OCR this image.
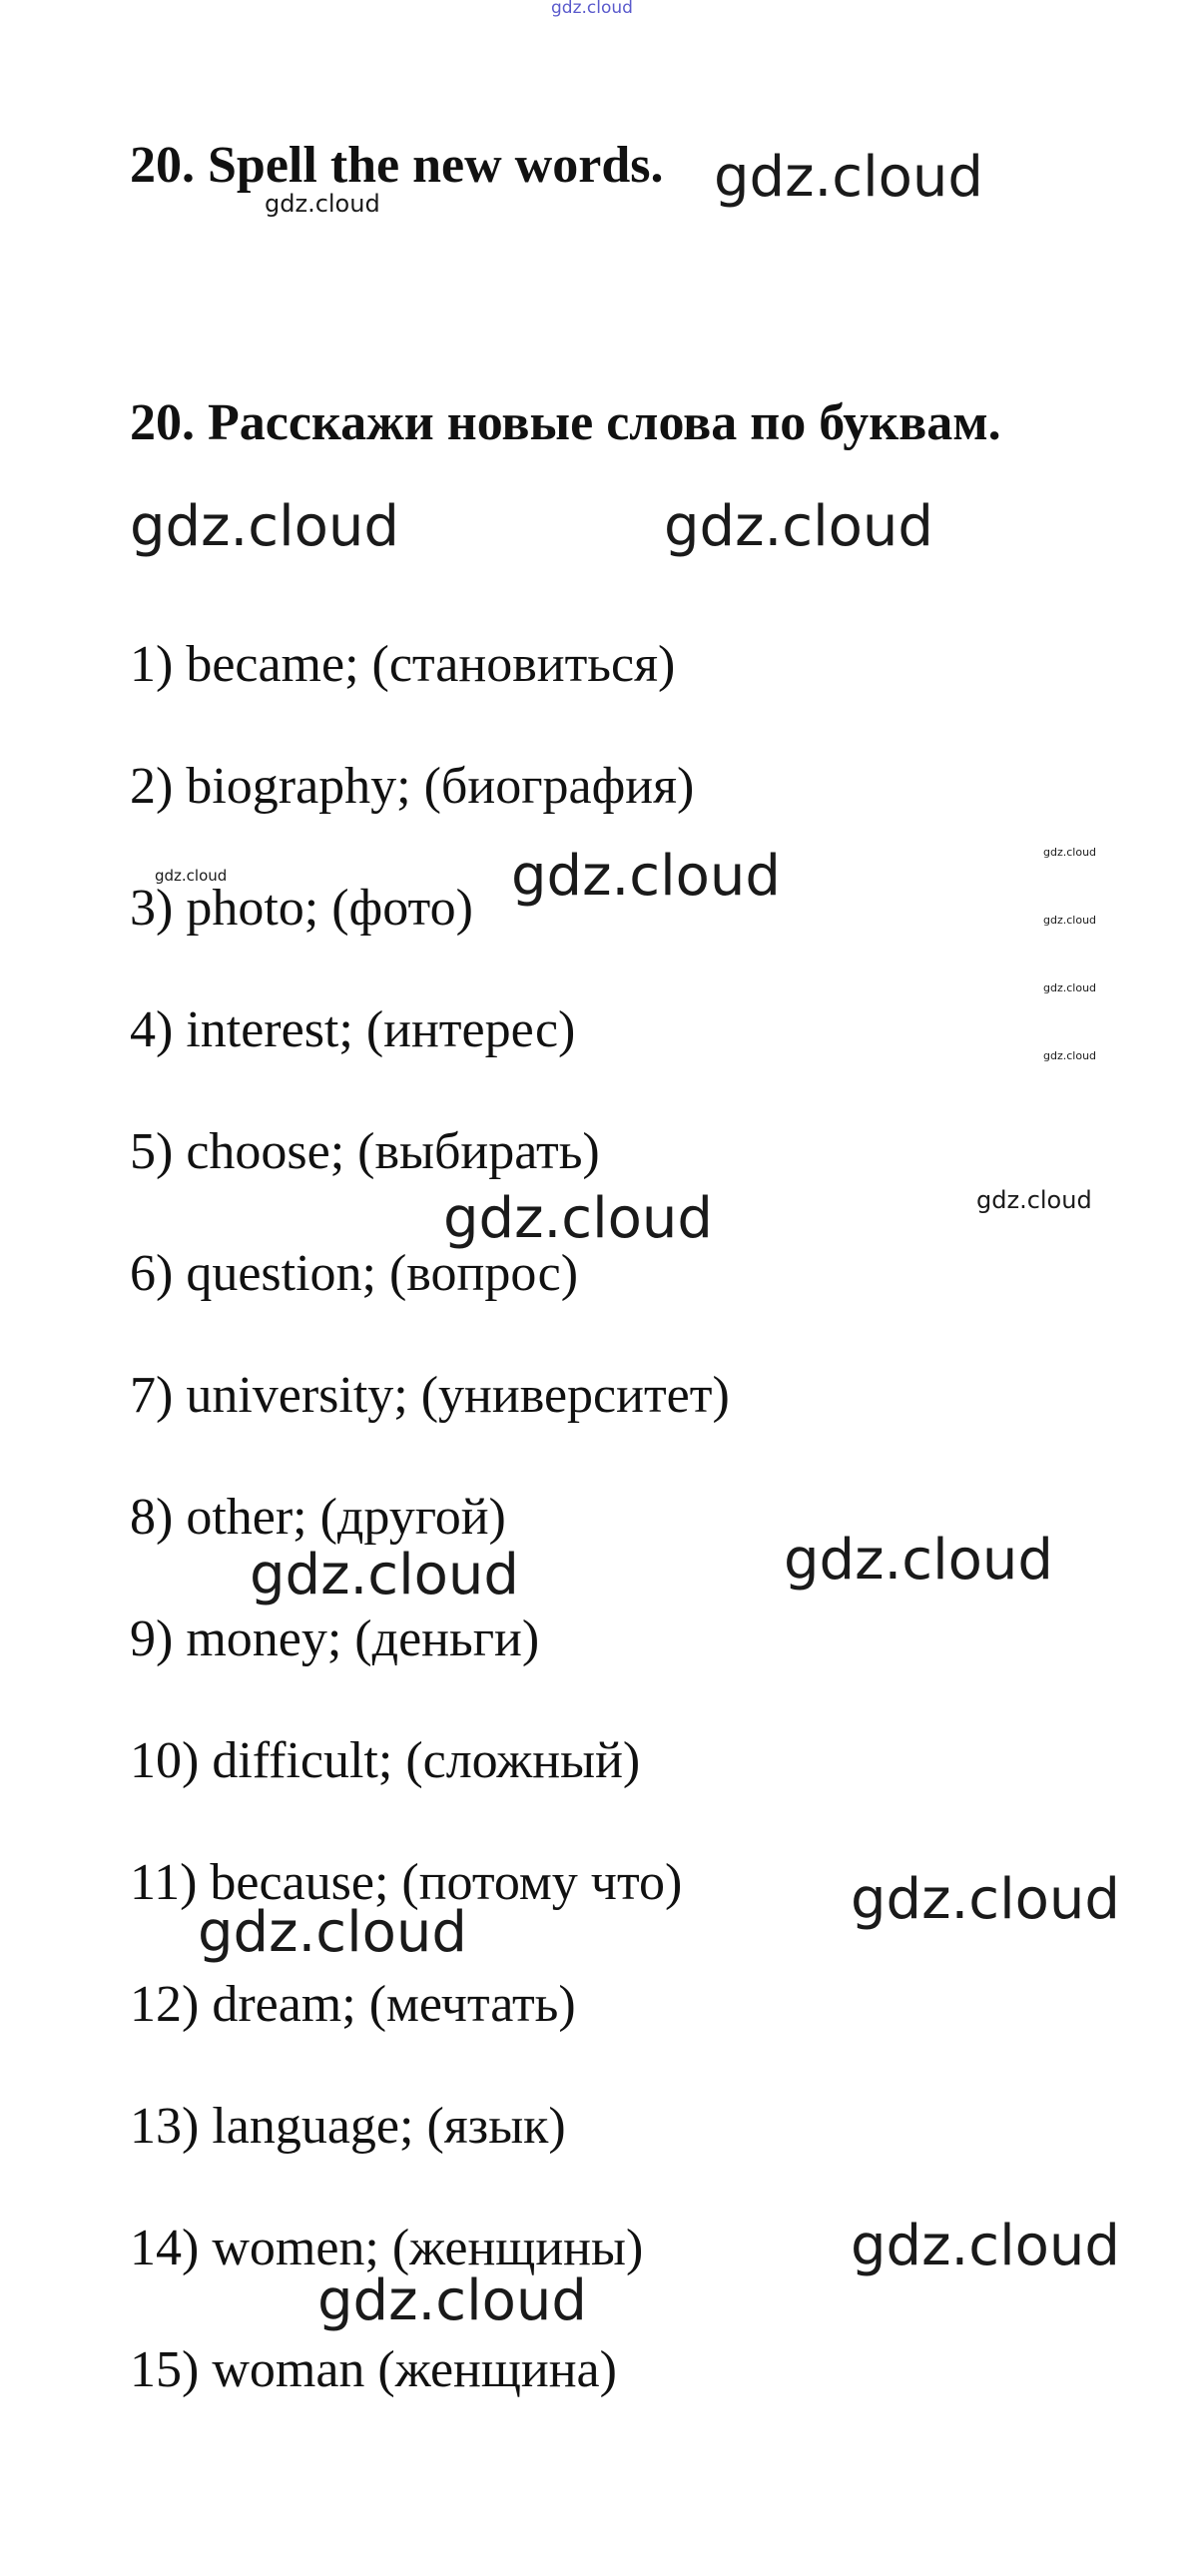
gdz.cloud
20. Spell the new words. gdz.cloud
gdz.cloud
20. Расскажи новые слова по буквам.
gdz.cloud	gdz.cloud

1) became; (становиться)

2) biography; (биография)

gdz.cloud	gdz.cloud	gdz.cloud
gdz.cloud
gdz.cloud
gdz.cloud

3) photo; (фото)

4) interest; (интерес)

5) choose; (выбирать)

gdz.cloud
gdz.cloud

6) question; (вопрос)

7) university; (университет)

8) other; (другой)

gdz.cloud	gdz.cloud

9) money; (деньги)

10) difficult; (сложный)

11) because; (потому что)	gdz.cloud
gdz.cloud

12) dream; (мечтать)

13) language; (язык)

14) women; (женщины)	gdz.cloud
gdz.cloud

15) woman (женщина)
